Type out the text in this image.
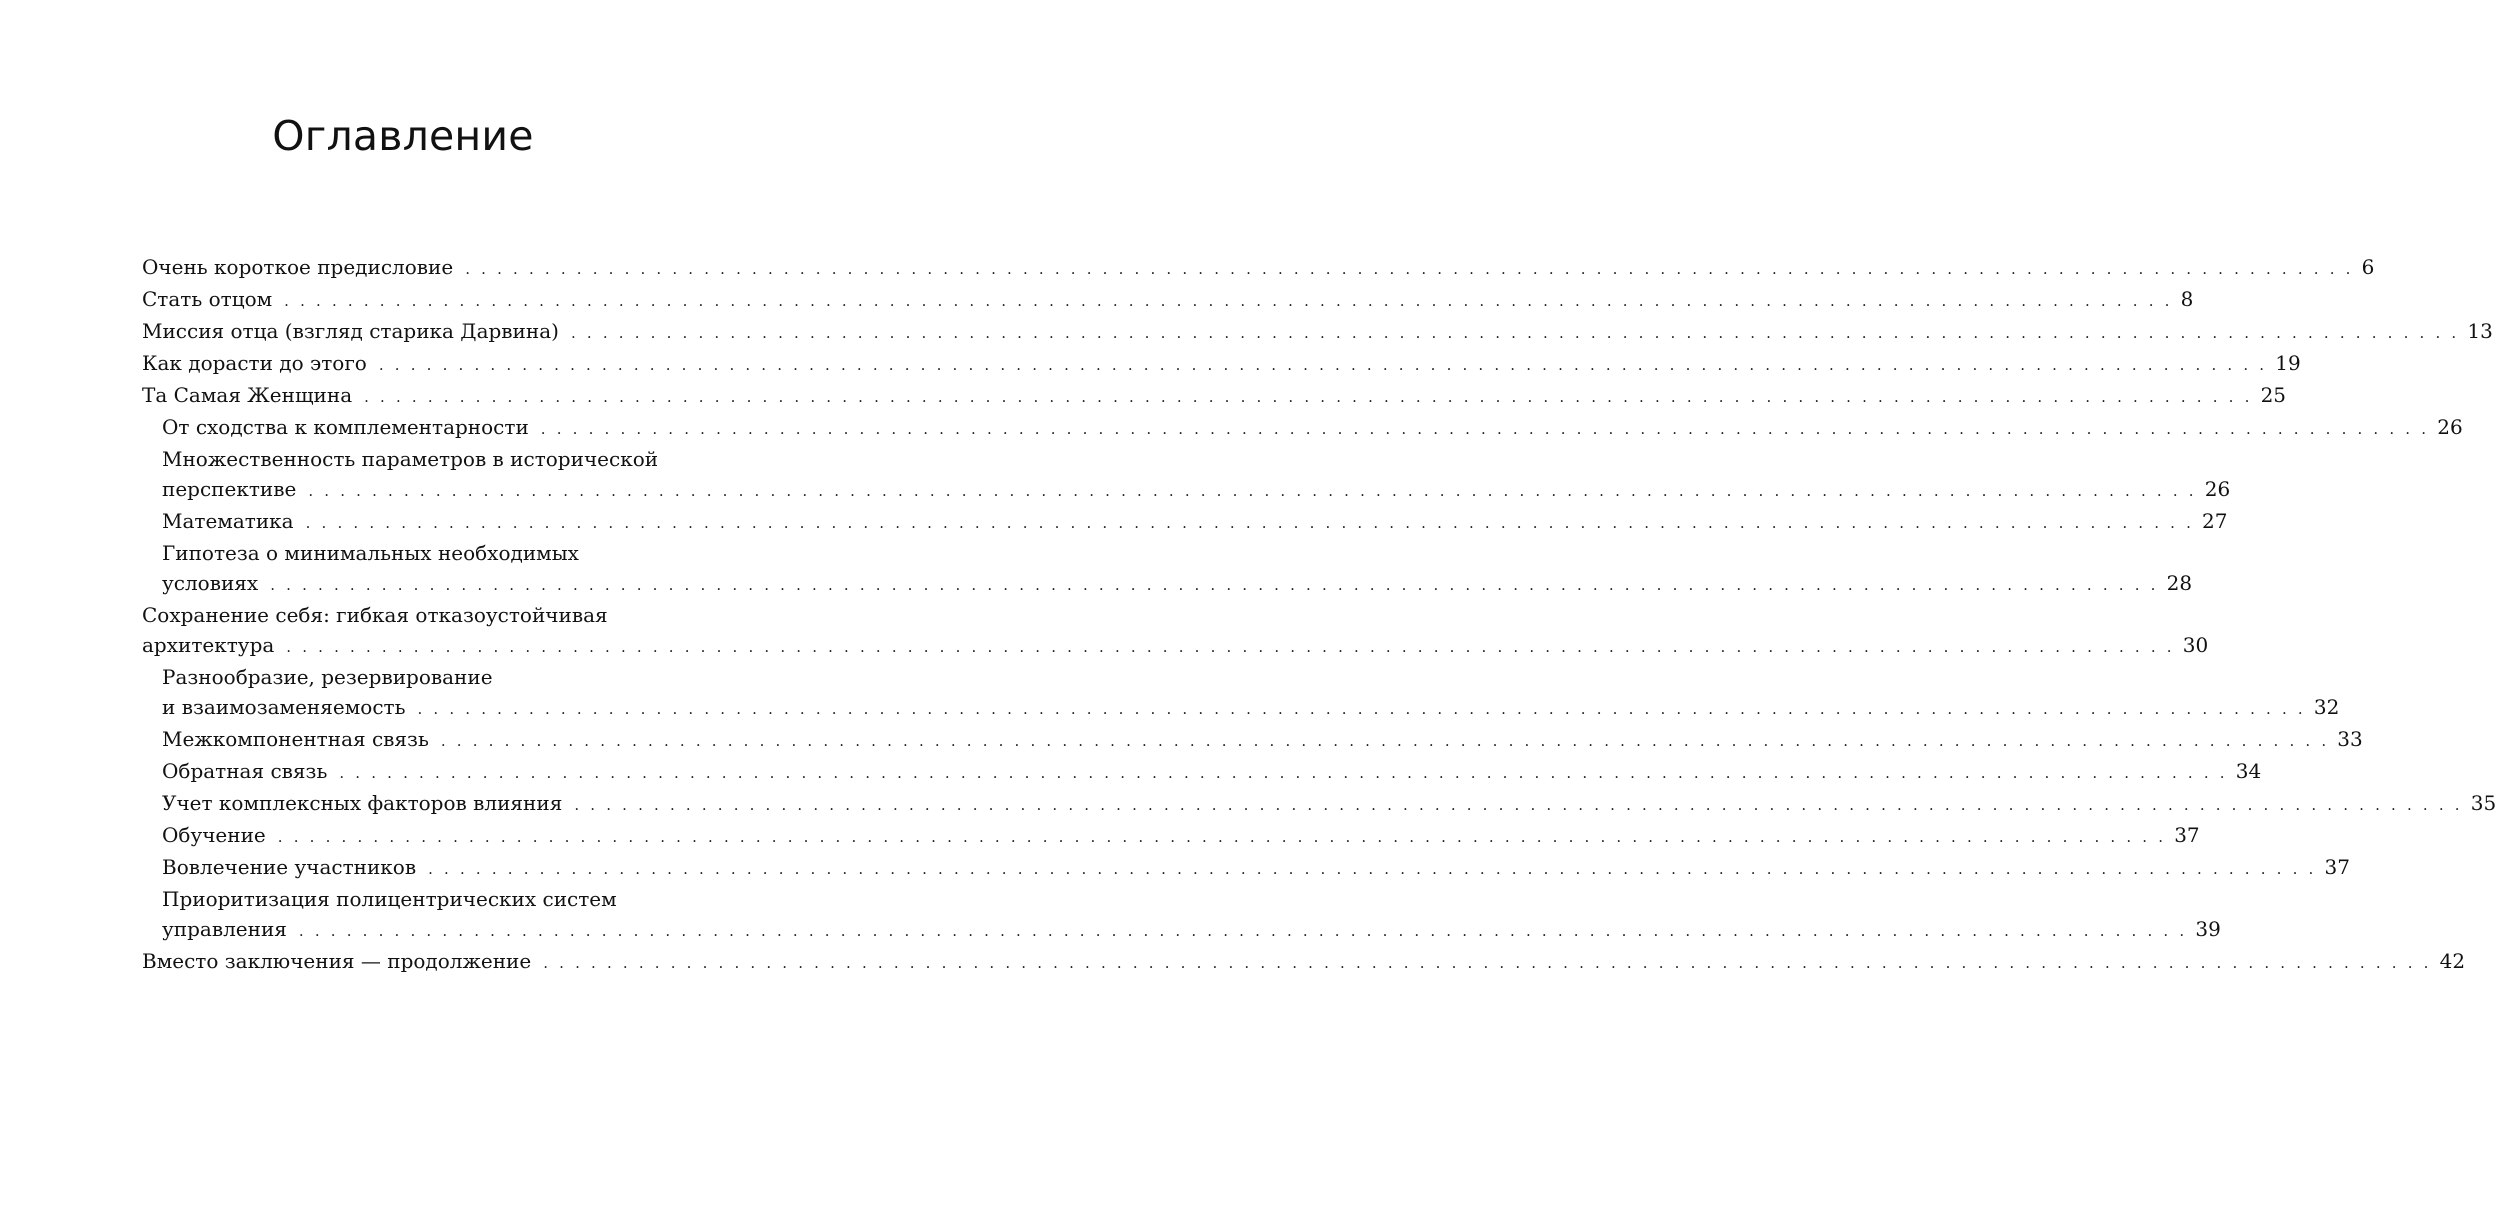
Оглавление
Очень короткое предисловие . . . . . . . . . . . . . . . . . . . . . . . . . . . . . . . . . . . . . . . . . . . . . . . . . . . . . . . . . . . . . . . . . . . . . . . . . . . . . . . . . . . . . . . . . . . . . . . . . . . . . . . . . . . . . . . . . . . . . . . 6
Стать отцом . . . . . . . . . . . . . . . . . . . . . . . . . . . . . . . . . . . . . . . . . . . . . . . . . . . . . . . . . . . . . . . . . . . . . . . . . . . . . . . . . . . . . . . . . . . . . . . . . . . . . . . . . . . . . . . . . . . . . . . 8
Миссия отца (взгляд старика Дарвина) . . . . . . . . . . . . . . . . . . . . . . . . . . . . . . . . . . . . . . . . . . . . . . . . . . . . . . . . . . . . . . . . . . . . . . . . . . . . . . . . . . . . . . . . . . . . . . . . . . . . . . . . . . . . . . . . . . . . . . . 13
Как дорасти до этого . . . . . . . . . . . . . . . . . . . . . . . . . . . . . . . . . . . . . . . . . . . . . . . . . . . . . . . . . . . . . . . . . . . . . . . . . . . . . . . . . . . . . . . . . . . . . . . . . . . . . . . . . . . . . . . . . . . . . . . 19
Та Самая Женщина . . . . . . . . . . . . . . . . . . . . . . . . . . . . . . . . . . . . . . . . . . . . . . . . . . . . . . . . . . . . . . . . . . . . . . . . . . . . . . . . . . . . . . . . . . . . . . . . . . . . . . . . . . . . . . . . . . . . . . . 25
От сходства к комплементарности . . . . . . . . . . . . . . . . . . . . . . . . . . . . . . . . . . . . . . . . . . . . . . . . . . . . . . . . . . . . . . . . . . . . . . . . . . . . . . . . . . . . . . . . . . . . . . . . . . . . . . . . . . . . . . . . . . . . . . . 26
Множественность параметров в исторической
перспективе . . . . . . . . . . . . . . . . . . . . . . . . . . . . . . . . . . . . . . . . . . . . . . . . . . . . . . . . . . . . . . . . . . . . . . . . . . . . . . . . . . . . . . . . . . . . . . . . . . . . . . . . . . . . . . . . . . . . . . . 26
Математика . . . . . . . . . . . . . . . . . . . . . . . . . . . . . . . . . . . . . . . . . . . . . . . . . . . . . . . . . . . . . . . . . . . . . . . . . . . . . . . . . . . . . . . . . . . . . . . . . . . . . . . . . . . . . . . . . . . . . . . 27
Гипотеза о минимальных необходимых
условиях . . . . . . . . . . . . . . . . . . . . . . . . . . . . . . . . . . . . . . . . . . . . . . . . . . . . . . . . . . . . . . . . . . . . . . . . . . . . . . . . . . . . . . . . . . . . . . . . . . . . . . . . . . . . . . . . . . . . . . . 28
Сохранение себя: гибкая отказоустойчивая
архитектура . . . . . . . . . . . . . . . . . . . . . . . . . . . . . . . . . . . . . . . . . . . . . . . . . . . . . . . . . . . . . . . . . . . . . . . . . . . . . . . . . . . . . . . . . . . . . . . . . . . . . . . . . . . . . . . . . . . . . . . 30
Разнообразие, резервирование
и взаимозаменяемость . . . . . . . . . . . . . . . . . . . . . . . . . . . . . . . . . . . . . . . . . . . . . . . . . . . . . . . . . . . . . . . . . . . . . . . . . . . . . . . . . . . . . . . . . . . . . . . . . . . . . . . . . . . . . . . . . . . . . . . 32
Межкомпонентная связь . . . . . . . . . . . . . . . . . . . . . . . . . . . . . . . . . . . . . . . . . . . . . . . . . . . . . . . . . . . . . . . . . . . . . . . . . . . . . . . . . . . . . . . . . . . . . . . . . . . . . . . . . . . . . . . . . . . . . . . 33
Обратная связь . . . . . . . . . . . . . . . . . . . . . . . . . . . . . . . . . . . . . . . . . . . . . . . . . . . . . . . . . . . . . . . . . . . . . . . . . . . . . . . . . . . . . . . . . . . . . . . . . . . . . . . . . . . . . . . . . . . . . . . 34
Учет комплексных факторов влияния . . . . . . . . . . . . . . . . . . . . . . . . . . . . . . . . . . . . . . . . . . . . . . . . . . . . . . . . . . . . . . . . . . . . . . . . . . . . . . . . . . . . . . . . . . . . . . . . . . . . . . . . . . . . . . . . . . . . . . . 35
Обучение . . . . . . . . . . . . . . . . . . . . . . . . . . . . . . . . . . . . . . . . . . . . . . . . . . . . . . . . . . . . . . . . . . . . . . . . . . . . . . . . . . . . . . . . . . . . . . . . . . . . . . . . . . . . . . . . . . . . . . . 37
Вовлечение участников . . . . . . . . . . . . . . . . . . . . . . . . . . . . . . . . . . . . . . . . . . . . . . . . . . . . . . . . . . . . . . . . . . . . . . . . . . . . . . . . . . . . . . . . . . . . . . . . . . . . . . . . . . . . . . . . . . . . . . . 37
Приоритизация полицентрических систем
управления . . . . . . . . . . . . . . . . . . . . . . . . . . . . . . . . . . . . . . . . . . . . . . . . . . . . . . . . . . . . . . . . . . . . . . . . . . . . . . . . . . . . . . . . . . . . . . . . . . . . . . . . . . . . . . . . . . . . . . . 39
Вместо заключения — продолжение . . . . . . . . . . . . . . . . . . . . . . . . . . . . . . . . . . . . . . . . . . . . . . . . . . . . . . . . . . . . . . . . . . . . . . . . . . . . . . . . . . . . . . . . . . . . . . . . . . . . . . . . . . . . . . . . . . . . . . . 42
